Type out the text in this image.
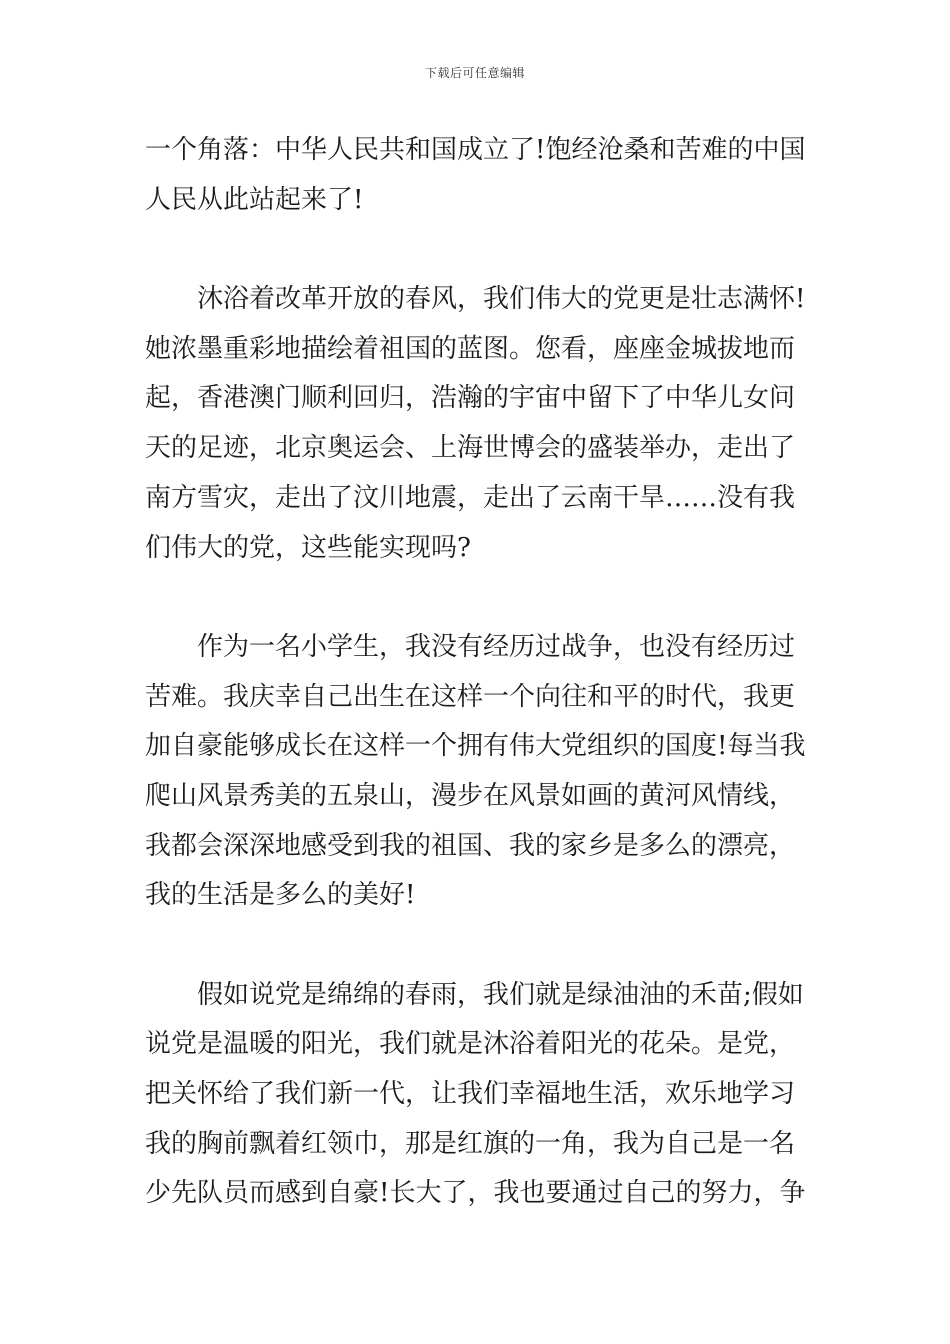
下载后可任意编辑
一个角落：中华人民共和国成立了!饱经沧桑和苦难的中国
人民从此站起来了!
沐浴着改革开放的春风，我们伟大的党更是壮志满怀!
她浓墨重彩地描绘着祖国的蓝图。您看，座座金城拔地而
起，香港澳门顺利回归，浩瀚的宇宙中留下了中华儿女问
天的足迹，北京奥运会、上海世博会的盛装举办，走出了
南方雪灾，走出了汶川地震，走出了云南干旱……没有我
们伟大的党，这些能实现吗?
作为一名小学生，我没有经历过战争，也没有经历过
苦难。我庆幸自己出生在这样一个向往和平的时代，我更
加自豪能够成长在这样一个拥有伟大党组织的国度!每当我
爬山风景秀美的五泉山，漫步在风景如画的黄河风情线，
我都会深深地感受到我的祖国、我的家乡是多么的漂亮，
我的生活是多么的美好!
假如说党是绵绵的春雨，我们就是绿油油的禾苗;假如
说党是温暖的阳光，我们就是沐浴着阳光的花朵。是党，
把关怀给了我们新一代，让我们幸福地生活，欢乐地学习
我的胸前飘着红领巾，那是红旗的一角，我为自己是一名
少先队员而感到自豪!长大了，我也要通过自己的努力，争
